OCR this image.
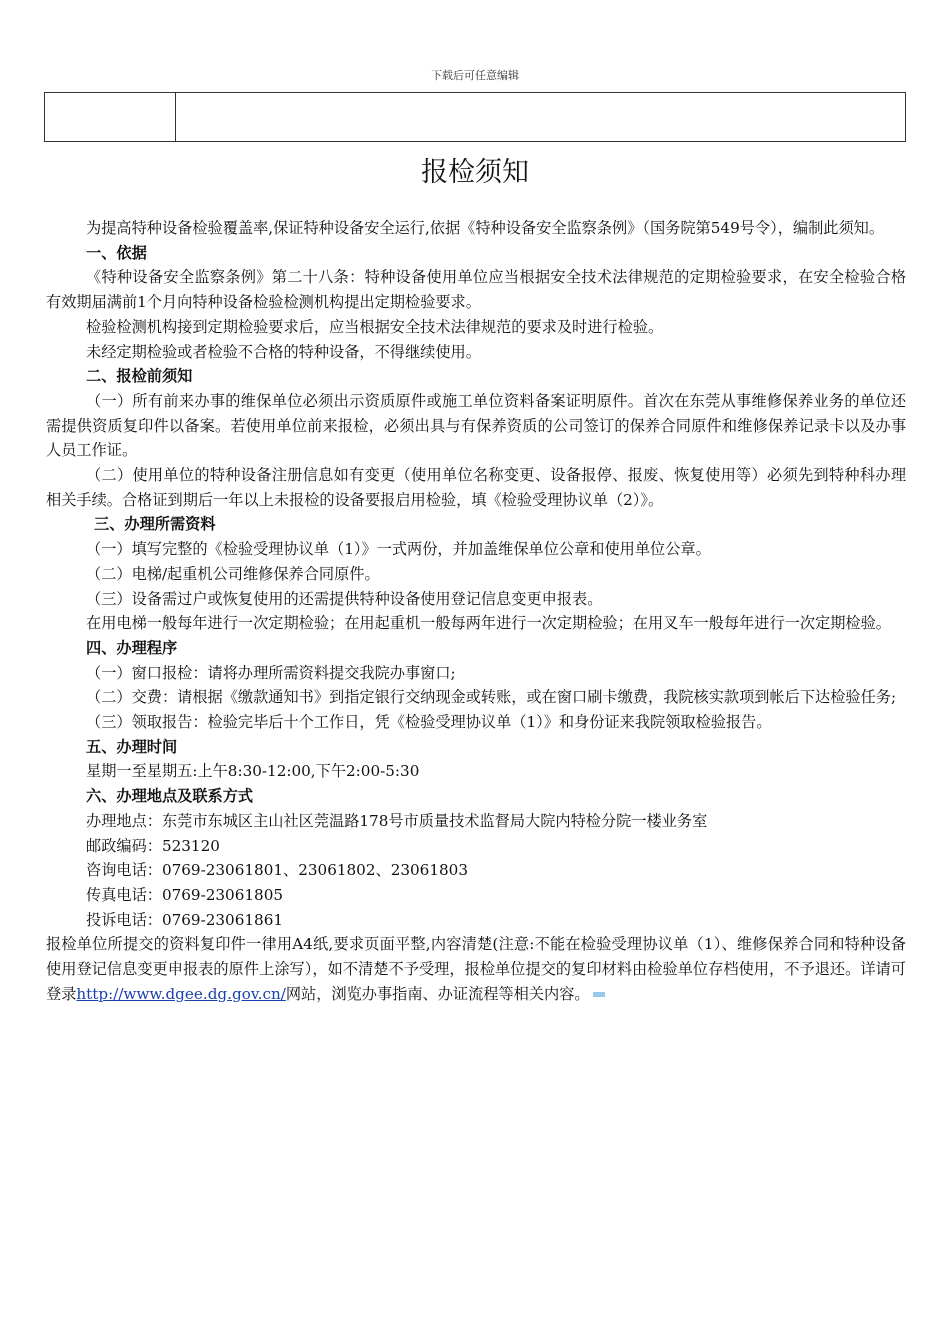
下载后可任意编辑
报检须知

为提高特种设备检验覆盖率,保证特种设备安全运行,依据《特种设备安全监察条例》（国务院第549号令），编制此须知。

一、依据

《特种设备安全监察条例》第二十八条：特种设备使用单位应当根据安全技术法律规范的定期检验要求，在安全检验合格有效期届满前1个月向特种设备检验检测机构提出定期检验要求。

检验检测机构接到定期检验要求后，应当根据安全技术法律规范的要求及时进行检验。

未经定期检验或者检验不合格的特种设备，不得继续使用。

二、报检前须知

（一）所有前来办事的维保单位必须出示资质原件或施工单位资料备案证明原件。首次在东莞从事维修保养业务的单位还需提供资质复印件以备案。若使用单位前来报检，必须出具与有保养资质的公司签订的保养合同原件和维修保养记录卡以及办事人员工作证。

（二）使用单位的特种设备注册信息如有变更（使用单位名称变更、设备报停、报废、恢复使用等）必须先到特种科办理相关手续。合格证到期后一年以上未报检的设备要报启用检验，填《检验受理协议单（2）》。

三、办理所需资料

（一）填写完整的《检验受理协议单（1）》一式两份，并加盖维保单位公章和使用单位公章。

（二）电梯/起重机公司维修保养合同原件。

（三）设备需过户或恢复使用的还需提供特种设备使用登记信息变更申报表。

在用电梯一般每年进行一次定期检验；在用起重机一般每两年进行一次定期检验；在用叉车一般每年进行一次定期检验。

四、办理程序

（一）窗口报检：请将办理所需资料提交我院办事窗口;

（二）交费：请根据《缴款通知书》到指定银行交纳现金或转账，或在窗口刷卡缴费，我院核实款项到帐后下达检验任务;

（三）领取报告：检验完毕后十个工作日，凭《检验受理协议单（1）》和身份证来我院领取检验报告。

五、办理时间

星期一至星期五:上午8:30-12:00,下午2:00-5:30

六、办理地点及联系方式

办理地点：东莞市东城区主山社区莞温路178号市质量技术监督局大院内特检分院一楼业务室

邮政编码：523120

咨询电话：0769-23061801、23061802、23061803

传真电话：0769-23061805

投诉电话：0769-23061861

报检单位所提交的资料复印件一律用A4纸,要求页面平整,内容清楚(注意:不能在检验受理协议单（1）、维修保养合同和特种设备使用登记信息变更申报表的原件上涂写），如不清楚不予受理，报检单位提交的复印材料由检验单位存档使用，不予退还。详请可登录http://www.dgee.dg.gov.cn/网站，浏览办事指南、办证流程等相关内容。
